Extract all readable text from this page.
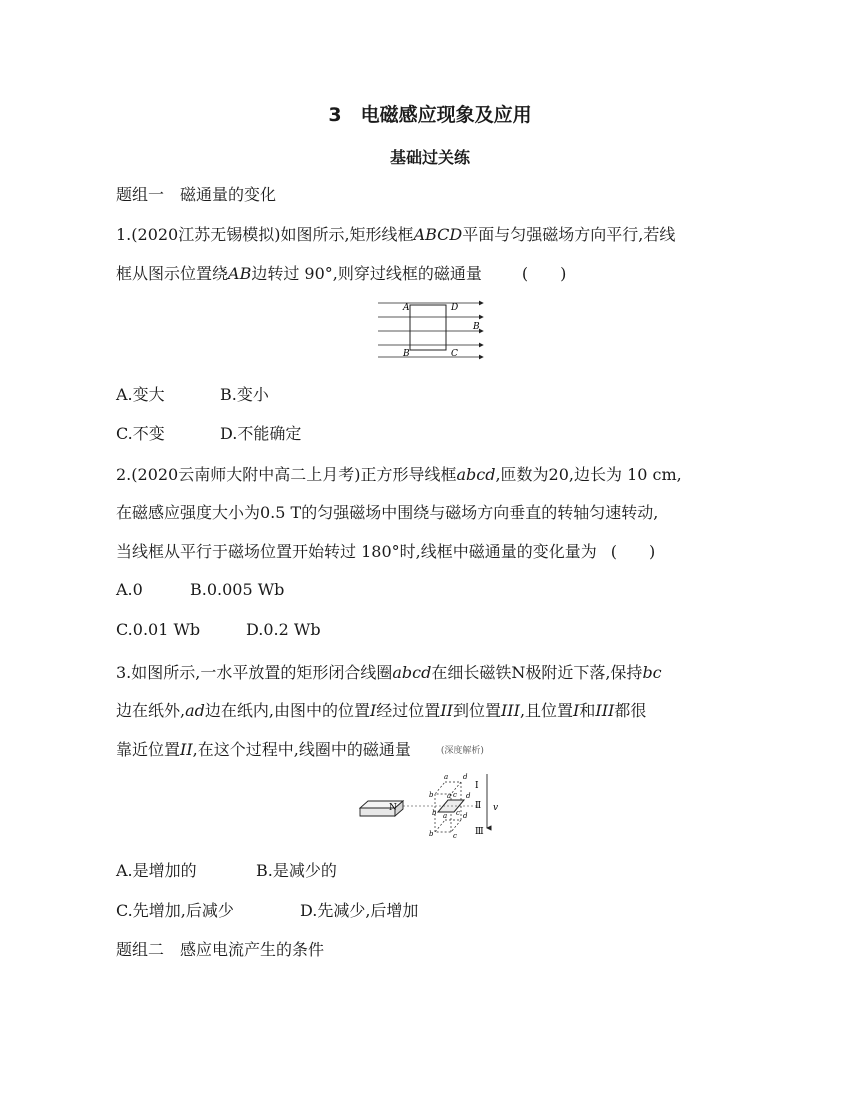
3　电磁感应现象及应用
基础过关练
题组一　磁通量的变化
1.(2020江苏无锡模拟)如图所示,矩形线框ABCD平面与匀强磁场方向平行,若线
框从图示位置绕AB边转过 90°,则穿过线框的磁通量	(　　)
A	D
B
B	C
A.变大	B.变小
C.不变	D.不能确定
2.(2020云南师大附中高二上月考)正方形导线框abcd,匝数为20,边长为 10 cm,
在磁感应强度大小为0.5 T的匀强磁场中围绕与磁场方向垂直的转轴匀速转动,
当线框从平行于磁场位置开始转过 180°时,线框中磁通量的变化量为 (　　)
A.0	B.0.005 Wb
C.0.01 Wb	D.0.2 Wb
3.如图所示,一水平放置的矩形闭合线圈abcd在细长磁铁N极附近下落,保持bc
边在纸外,ad边在纸内,由图中的位置I经过位置II到位置III,且位置I和III都很
靠近位置II,在这个过程中,线圈中的磁通量	(深度解析)
N	v
Ⅰ
Ⅱ
Ⅲ
a d
b	c
a d
b	c
a d
b	c
A.是增加的	B.是减少的
C.先增加,后减少	D.先减少,后增加
题组二　感应电流产生的条件
